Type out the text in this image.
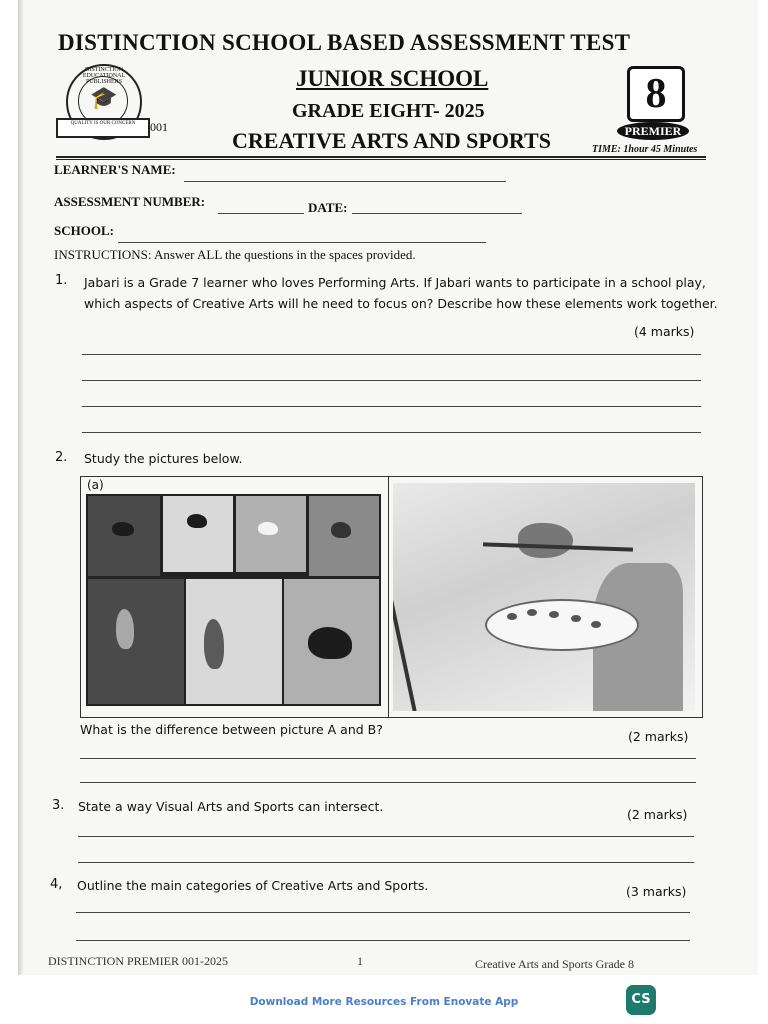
DISTINCTION SCHOOL BASED ASSESSMENT TEST
DISTINCTION EDUCATIONAL PUBLISHERS
🎓
QUALITY IS OUR CONCERN	001
JUNIOR SCHOOL
GRADE EIGHT- 2025
CREATIVE ARTS AND SPORTS
8
PREMIER
TIME: 1hour 45 Minutes
LEARNER'S NAME:
ASSESSMENT NUMBER:	DATE:
SCHOOL:
INSTRUCTIONS: Answer ALL the questions in the spaces provided.
1. Jabari is a Grade 7 learner who loves Performing Arts. If Jabari wants to participate in a school play,
which aspects of Creative Arts will he need to focus on? Describe how these elements work together.
(4 marks)
2. Study the pictures below.
(a)
What is the difference between picture A and B?	(2 marks)
3. State a way Visual Arts and Sports can intersect.
(2 marks)
4, Outline the main categories of Creative Arts and Sports.	(3 marks)
DISTINCTION PREMIER 001-2025	1	Creative Arts and Sports Grade 8
Download More Resources From Enovate App	CS
